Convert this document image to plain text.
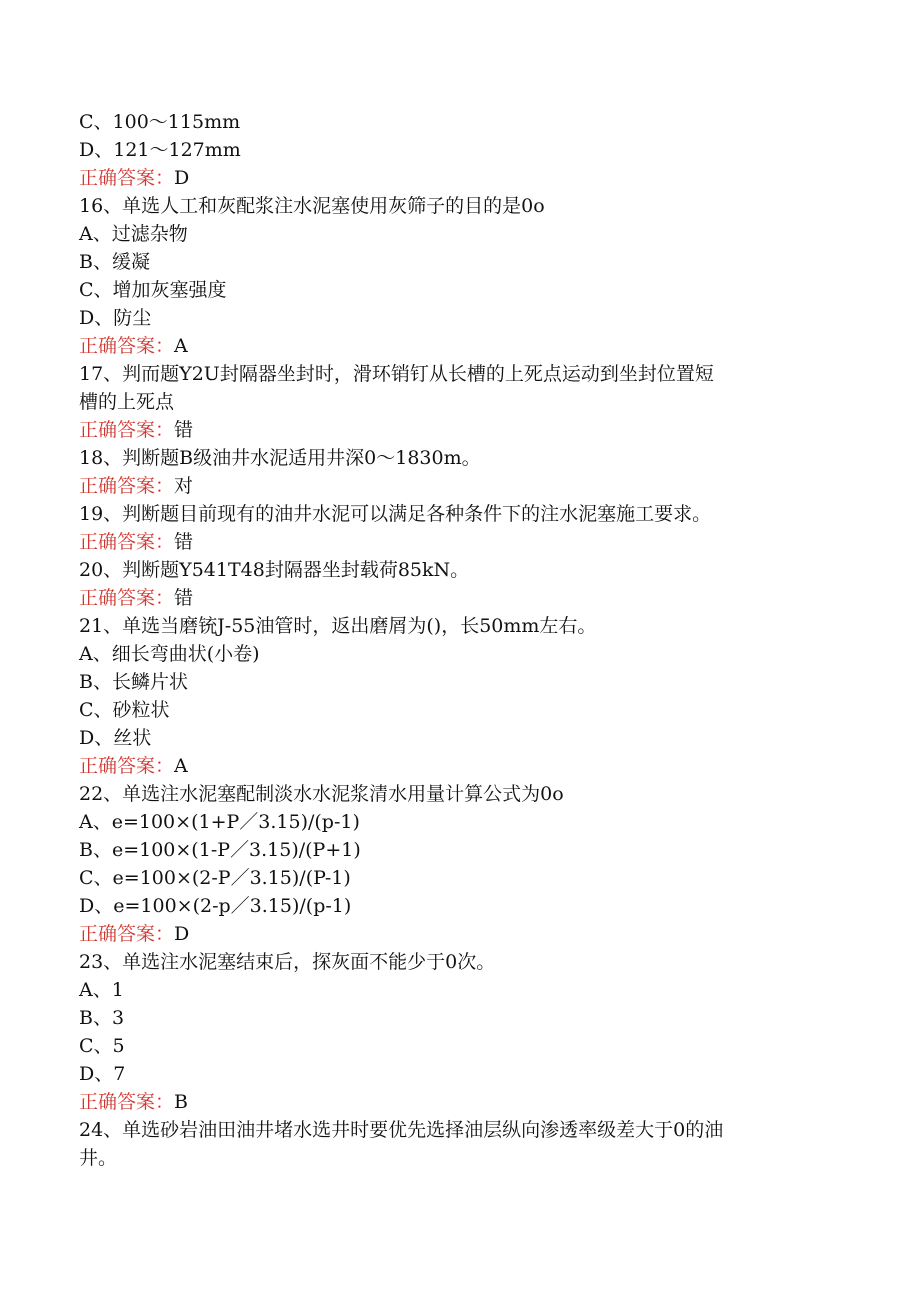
C、100～115mm
D、121～127mm
正确答案：D
16、单选人工和灰配浆注水泥塞使用灰筛子的目的是0o
A、过滤杂物
B、缓凝
C、增加灰塞强度
D、防尘
正确答案：A
17、判而题Y2U封隔器坐封时，滑环销钉从长槽的上死点运动到坐封位置短
槽的上死点
正确答案：错
18、判断题B级油井水泥适用井深0～1830m。
正确答案：对
19、判断题目前现有的油井水泥可以满足各种条件下的注水泥塞施工要求。
正确答案：错
20、判断题Y541T48封隔器坐封载荷85kN。
正确答案：错
21、单选当磨铳J-55油管时，返出磨屑为()，长50mm左右。
A、细长弯曲状(小卷)
B、长鳞片状
C、砂粒状
D、丝状
正确答案：A
22、单选注水泥塞配制淡水水泥浆清水用量计算公式为0o
A、e=100×(1+P／3.15)/(p-1)
B、e=100×(1-P／3.15)/(P+1)
C、e=100×(2-P／3.15)/(P-1)
D、e=100×(2-p／3.15)/(p-1)
正确答案：D
23、单选注水泥塞结束后，探灰面不能少于0次。
A、1
B、3
C、5
D、7
正确答案：B
24、单选砂岩油田油井堵水选井时要优先选择油层纵向渗透率级差大于0的油
井。
